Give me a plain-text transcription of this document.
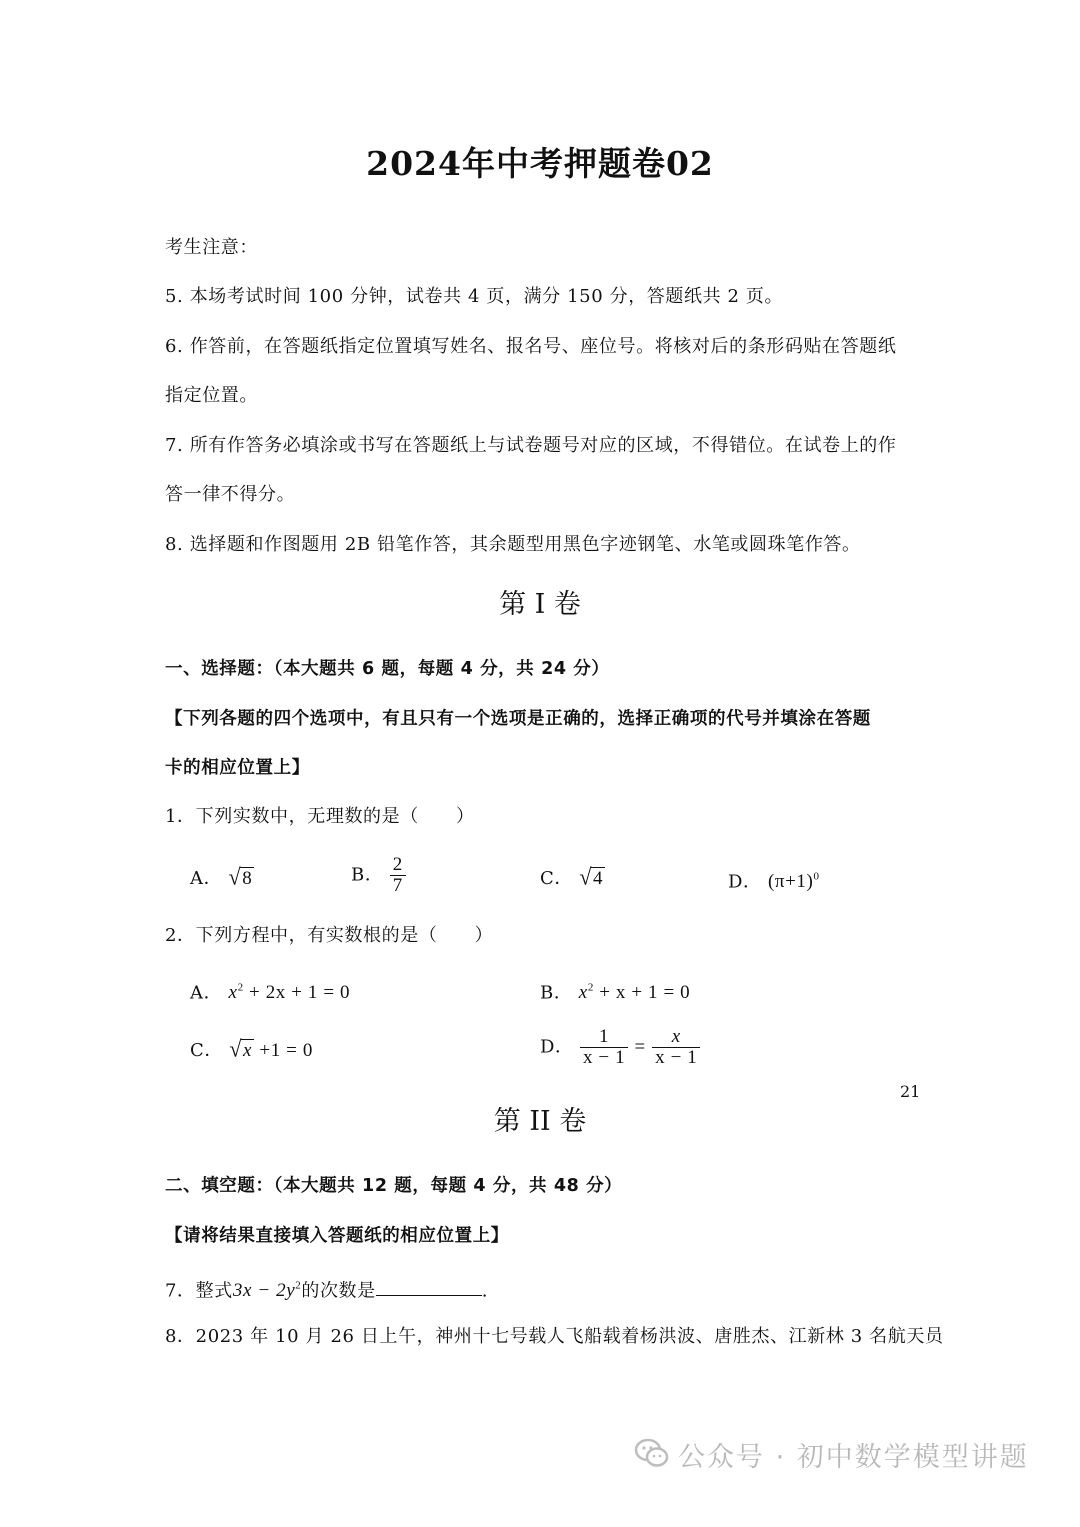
2024年中考押题卷02
考生注意：
5. 本场考试时间 100 分钟，试卷共 4 页，满分 150 分，答题纸共 2 页。
6. 作答前，在答题纸指定位置填写姓名、报名号、座位号。将核对后的条形码贴在答题纸
指定位置。
7. 所有作答务必填涂或书写在答题纸上与试卷题号对应的区域，不得错位。在试卷上的作
答一律不得分。
8. 选择题和作图题用 2B 铅笔作答，其余题型用黑色字迹钢笔、水笔或圆珠笔作答。
第 I 卷
一、选择题：（本大题共 6 题，每题 4 分，共 24 分）
【下列各题的四个选项中，有且只有一个选项是正确的，选择正确项的代号并填涂在答题
卡的相应位置上】
1．下列实数中，无理数的是（　　）
A． √8	B． $\frac{2}{7}$	C． √4	D． $(\pi+1)^0$
2．下列方程中，有实数根的是（　　）
A． $x^2 + 2x + 1 = 0$	B． $x^2 + x + 1 = 0$
C． √x +1 = 0	D． $\frac{1}{x - 1} = \frac{x}{x - 1}$
第 II 卷
二、填空题：（本大题共 12 题，每题 4 分，共 48 分）
【请将结果直接填入答题纸的相应位置上】
7．整式$3x - 2y^2$的次数是	.
8．2023 年 10 月 26 日上午，神州十七号载人飞船载着杨洪波、唐胜杰、江新林 3 名航天员
21
公众号 · 初中数学模型讲题
